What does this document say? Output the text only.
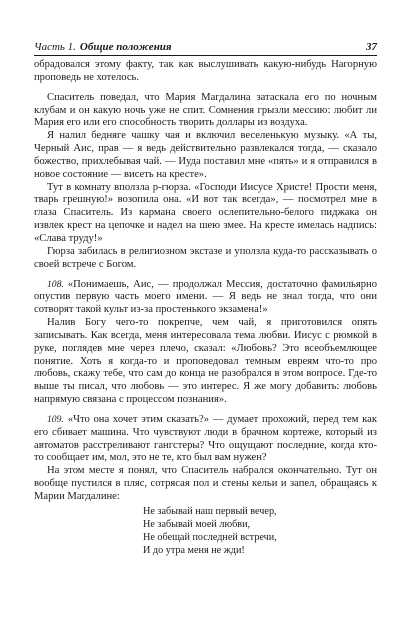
Часть 1. Общие положения	37

обрадовался этому факту, так как выслушивать какую-нибудь Нагорную проповедь не хотелось.

Спаситель поведал, что Мария Магдалина затаскала его по ночным клубам и он какую ночь уже не спит. Сомнения грызли мессию: любит ли Мария его или его способность творить доллары из воздуха.

Я налил бедняге чашку чая и включил веселенькую музыку. «А ты, Черный Аис, прав — я ведь действительно развлекался тогда, — сказало божество, прихлебывая чай. — Иуда поставил мне «пять» и я отправился в новое состояние — висеть на кресте».

Тут в комнату вползла р-гюрза. «Господи Иисусе Христе! Прости меня, тварь грешную!» возопила она. «И вот так всегда», — посмотрел мне в глаза Спаситель. Из кармана своего ослепительно-белого пиджака он извлек крест на цепочке и надел на шею змее. На кресте имелась надпись: «Слава труду!»

Гюрза забилась в религиозном экстазе и уползла куда-то рассказывать о своей встрече с Богом.

108. «Понимаешь, Аис, — продолжал Мессия, достаточно фамильярно опустив первую часть моего имени. — Я ведь не знал тогда, что они сотворят такой культ из-за простенького экзамена!»

Налив Богу чего-то покрепче, чем чай, я приготовился опять записывать. Как всегда, меня интересовала тема любви. Иисус с рюмкой в руке, поглядев мне через плечо, сказал: «Любовь? Это всеобъемлющее понятие. Хоть я когда-то и проповедовал темным евреям что-то про любовь, скажу тебе, что сам до конца не разобрался в этом вопросе. Где-то выше ты писал, что любовь — это интерес. Я же могу добавить: любовь напрямую связана с процессом познания».

109. «Что она хочет этим сказать?» — думает прохожий, перед тем как его сбивает машина. Что чувствуют люди в брачном кортеже, который из автоматов расстреливают гангстеры? Что ощущают последние, когда кто-то сообщает им, мол, это не те, кто был вам нужен?

На этом месте я понял, что Спаситель набрался окончательно. Тут он вообще пустился в пляс, сотрясая пол и стены кельи и запел, обращаясь к Марии Магдалине:

Не забывай наш первый вечер,
Не забывай моей любви,
Не обещай последней встречи,
И до утра меня не жди!
